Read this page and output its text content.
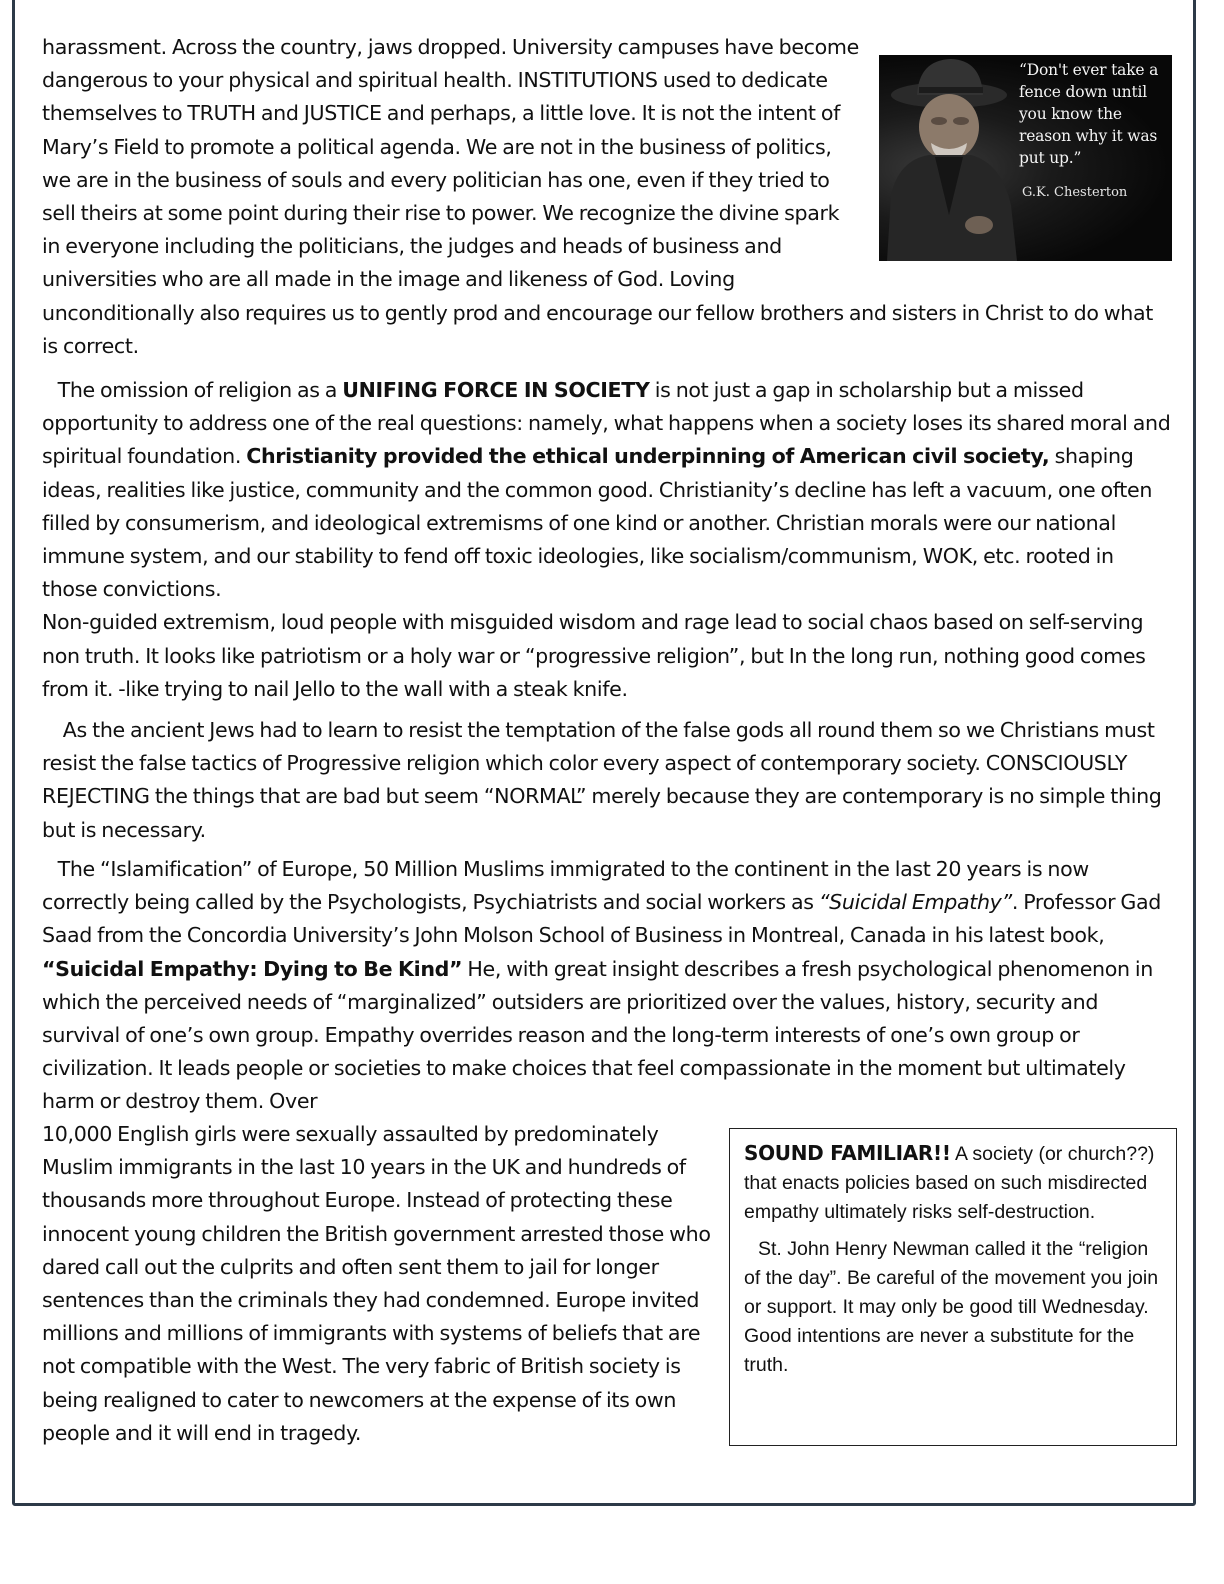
harassment. Across the country, jaws dropped. University campuses have become dangerous to your physical and spiritual health. INSTITUTIONS used to dedicate themselves to TRUTH and JUSTICE and perhaps, a little love. It is not the intent of Mary’s Field to promote a political agenda. We are not in the business of politics, we are in the business of souls and every politician has one, even if they tried to sell theirs at some point during their rise to power. We recognize the divine spark in everyone including the politicians, the judges and heads of business and universities who are all made in the image and likeness of God. Loving unconditionally also requires us to gently prod and encourage our fellow brothers and sisters in Christ to do what is correct.

“Don't ever take a fence down until you know the reason why it was put up.”
G.K. Chesterton

The omission of religion as a UNIFING FORCE IN SOCIETY is not just a gap in scholarship but a missed opportunity to address one of the real questions: namely, what happens when a society loses its shared moral and spiritual foundation. Christianity provided the ethical underpinning of American civil society, shaping ideas, realities like justice, community and the common good. Christianity’s decline has left a vacuum, one often filled by consumerism, and ideological extremisms of one kind or another. Christian morals were our national immune system, and our stability to fend off toxic ideologies, like socialism/communism, WOK, etc. rooted in those convictions.

Non-guided extremism, loud people with misguided wisdom and rage lead to social chaos based on self-serving non truth. It looks like patriotism or a holy war or “progressive religion”, but In the long run, nothing good comes from it. -like trying to nail Jello to the wall with a steak knife.

As the ancient Jews had to learn to resist the temptation of the false gods all round them so we Christians must resist the false tactics of Progressive religion which color every aspect of contemporary society. CONSCIOUSLY REJECTING the things that are bad but seem “NORMAL” merely because they are contemporary is no simple thing but is necessary.

The “Islamification” of Europe, 50 Million Muslims immigrated to the continent in the last 20 years is now correctly being called by the Psychologists, Psychiatrists and social workers as “Suicidal Empathy”. Professor Gad Saad from the Concordia University’s John Molson School of Business in Montreal, Canada in his latest book, “Suicidal Empathy: Dying to Be Kind” He, with great insight describes a fresh psychological phenomenon in which the perceived needs of “marginalized” outsiders are prioritized over the values, history, security and survival of one’s own group. Empathy overrides reason and the long-term interests of one’s own group or civilization. It leads people or societies to make choices that feel compassionate in the moment but ultimately harm or destroy them. Over

10,000 English girls were sexually assaulted by predominately Muslim immigrants in the last 10 years in the UK and hundreds of thousands more throughout Europe. Instead of protecting these innocent young children the British government arrested those who dared call out the culprits and often sent them to jail for longer sentences than the criminals they had condemned. Europe invited millions and millions of immigrants with systems of beliefs that are not compatible with the West. The very fabric of British society is being realigned to cater to newcomers at the expense of its own people and it will end in tragedy.

SOUND FAMILIAR!! A society (or church??) that enacts policies based on such misdirected empathy ultimately risks self-destruction.

St. John Henry Newman called it the “religion of the day”. Be careful of the movement you join or support. It may only be good till Wednesday. Good intentions are never a substitute for the truth.
